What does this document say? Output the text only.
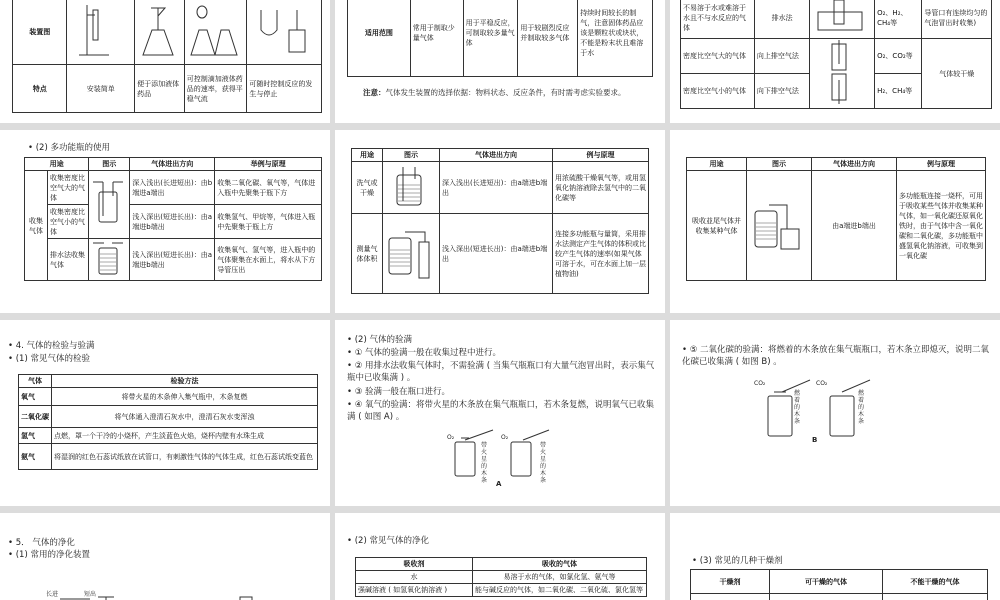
装置图				
特点	安装简单	便于添加液体药品	可控制滴加液体药品的速率，获得平稳气流	可随时控制反应的发生与停止
适用范围	常用于制取少量气体	用于平稳反应，可制取较多量气体	用于较剧烈反应并制取较多气体	持续时间较长的制气，注意固体药品应该是颗粒状或块状，不能是粉末状且难溶于水
注意：气体发生装置的选择依据：物料状态、反应条件，有时需考虑实验要求。
不易溶于水或难溶于水且不与水反应的气体	排水法		O₂、H₂、CH₄等	导管口有连续均匀的气泡冒出时收集)
密度比空气大的气体	向上排空气法		O₂、CO₂等	气体较干燥
密度比空气小的气体	向下排空气法		H₂、CH₄等	
• (2) 多功能瓶的使用
用途		图示	气体进出方向	举例与原理
收集气体	收集密度比空气大的气体		深入浅出(长进短出)：由b端进a端出	收集二氧化碳、氧气等，气体进入瓶中先聚集于瓶下方
	收集密度比空气小的气体		浅入深出(短进长出)：由a端进b端出	收集氢气、甲烷等，气体进入瓶中先聚集于瓶上方
	排水法收集气体		浅入深出(短进长出)：由a端进b端出	收集氧气、氢气等，进入瓶中的气体聚集在水面上，将水从下方导管压出
用途	图示	气体进出方向	例与原理
洗气或干燥		深入浅出(长进短出)：由a端进b端出	用浓硫酸干燥氧气等，或用氢氧化钠溶液除去氢气中的二氧化碳等
测量气体体积		浅入深出(短进长出)：由a端进b端出	连接多功能瓶与量筒，采用排水法测定产生气体的体积或比较产生气体的速率(如果气体可溶于水，可在水面上加一层植物油)
用途	图示	气体进出方向	例与原理
吸收並尾气体并收集某种气体		由a端进b端出	多功能瓶连接一烧杯，可用于吸收某些气体并收集某种气体，如一氧化碳还原氧化铁时，由于气体中含一氧化碳和二氧化碳，多功能瓶中盛氢氧化钠溶液，可收集到一氧化碳
• 4. 气体的检验与验满
• (1) 常见气体的检验
气体	检验方法
氧气	将带火星的木条伸入集气瓶中，木条复燃
二氧化碳	将气体通入澄清石灰水中，澄清石灰水变浑浊
氢气	点燃，罩一个干冷的小烧杯，产生淡蓝色火焰，烧杯内壁有水珠生成
氨气	将湿润的红色石蕊试纸放在试管口，有刺激性气体的气体生成，红色石蕊试纸变蓝色
• (2) 气体的验满
• ① 气体的验满一般在收集过程中进行。
• ② 用排水法收集气体时，不需验满 ( 当集气瓶瓶口有大量气泡冒出时，表示集气瓶中已收集满 ) 。
• ③ 验满一般在瓶口进行。
• ④ 氧气的验满：将带火星的木条放在集气瓶瓶口，若木条复燃，说明氧气已收集满 ( 如图 A) 。
O₂	O₂
带火星的木条
带火星的木条
A
• ⑤ 二氧化碳的验满：将燃着的木条放在集气瓶瓶口，若木条立即熄灭，说明二氧化碳已收集满 ( 如图 B) 。
CO₂	CO₂
燃着的木条
燃着的木条
B
• 5． 气体的净化
• (1) 常用的净化装置
长进	短出
• (2) 常见气体的净化
吸收剂	吸收的气体
水	易溶于水的气体，如氯化氢、氨气等
强碱溶液 ( 如氢氧化钠溶液 )	能与碱反应的气体，如二氧化碳、二氧化硫、氯化氢等
• (3) 常见的几种干燥剂
干燥剂	可干燥的气体	不能干燥的气体
